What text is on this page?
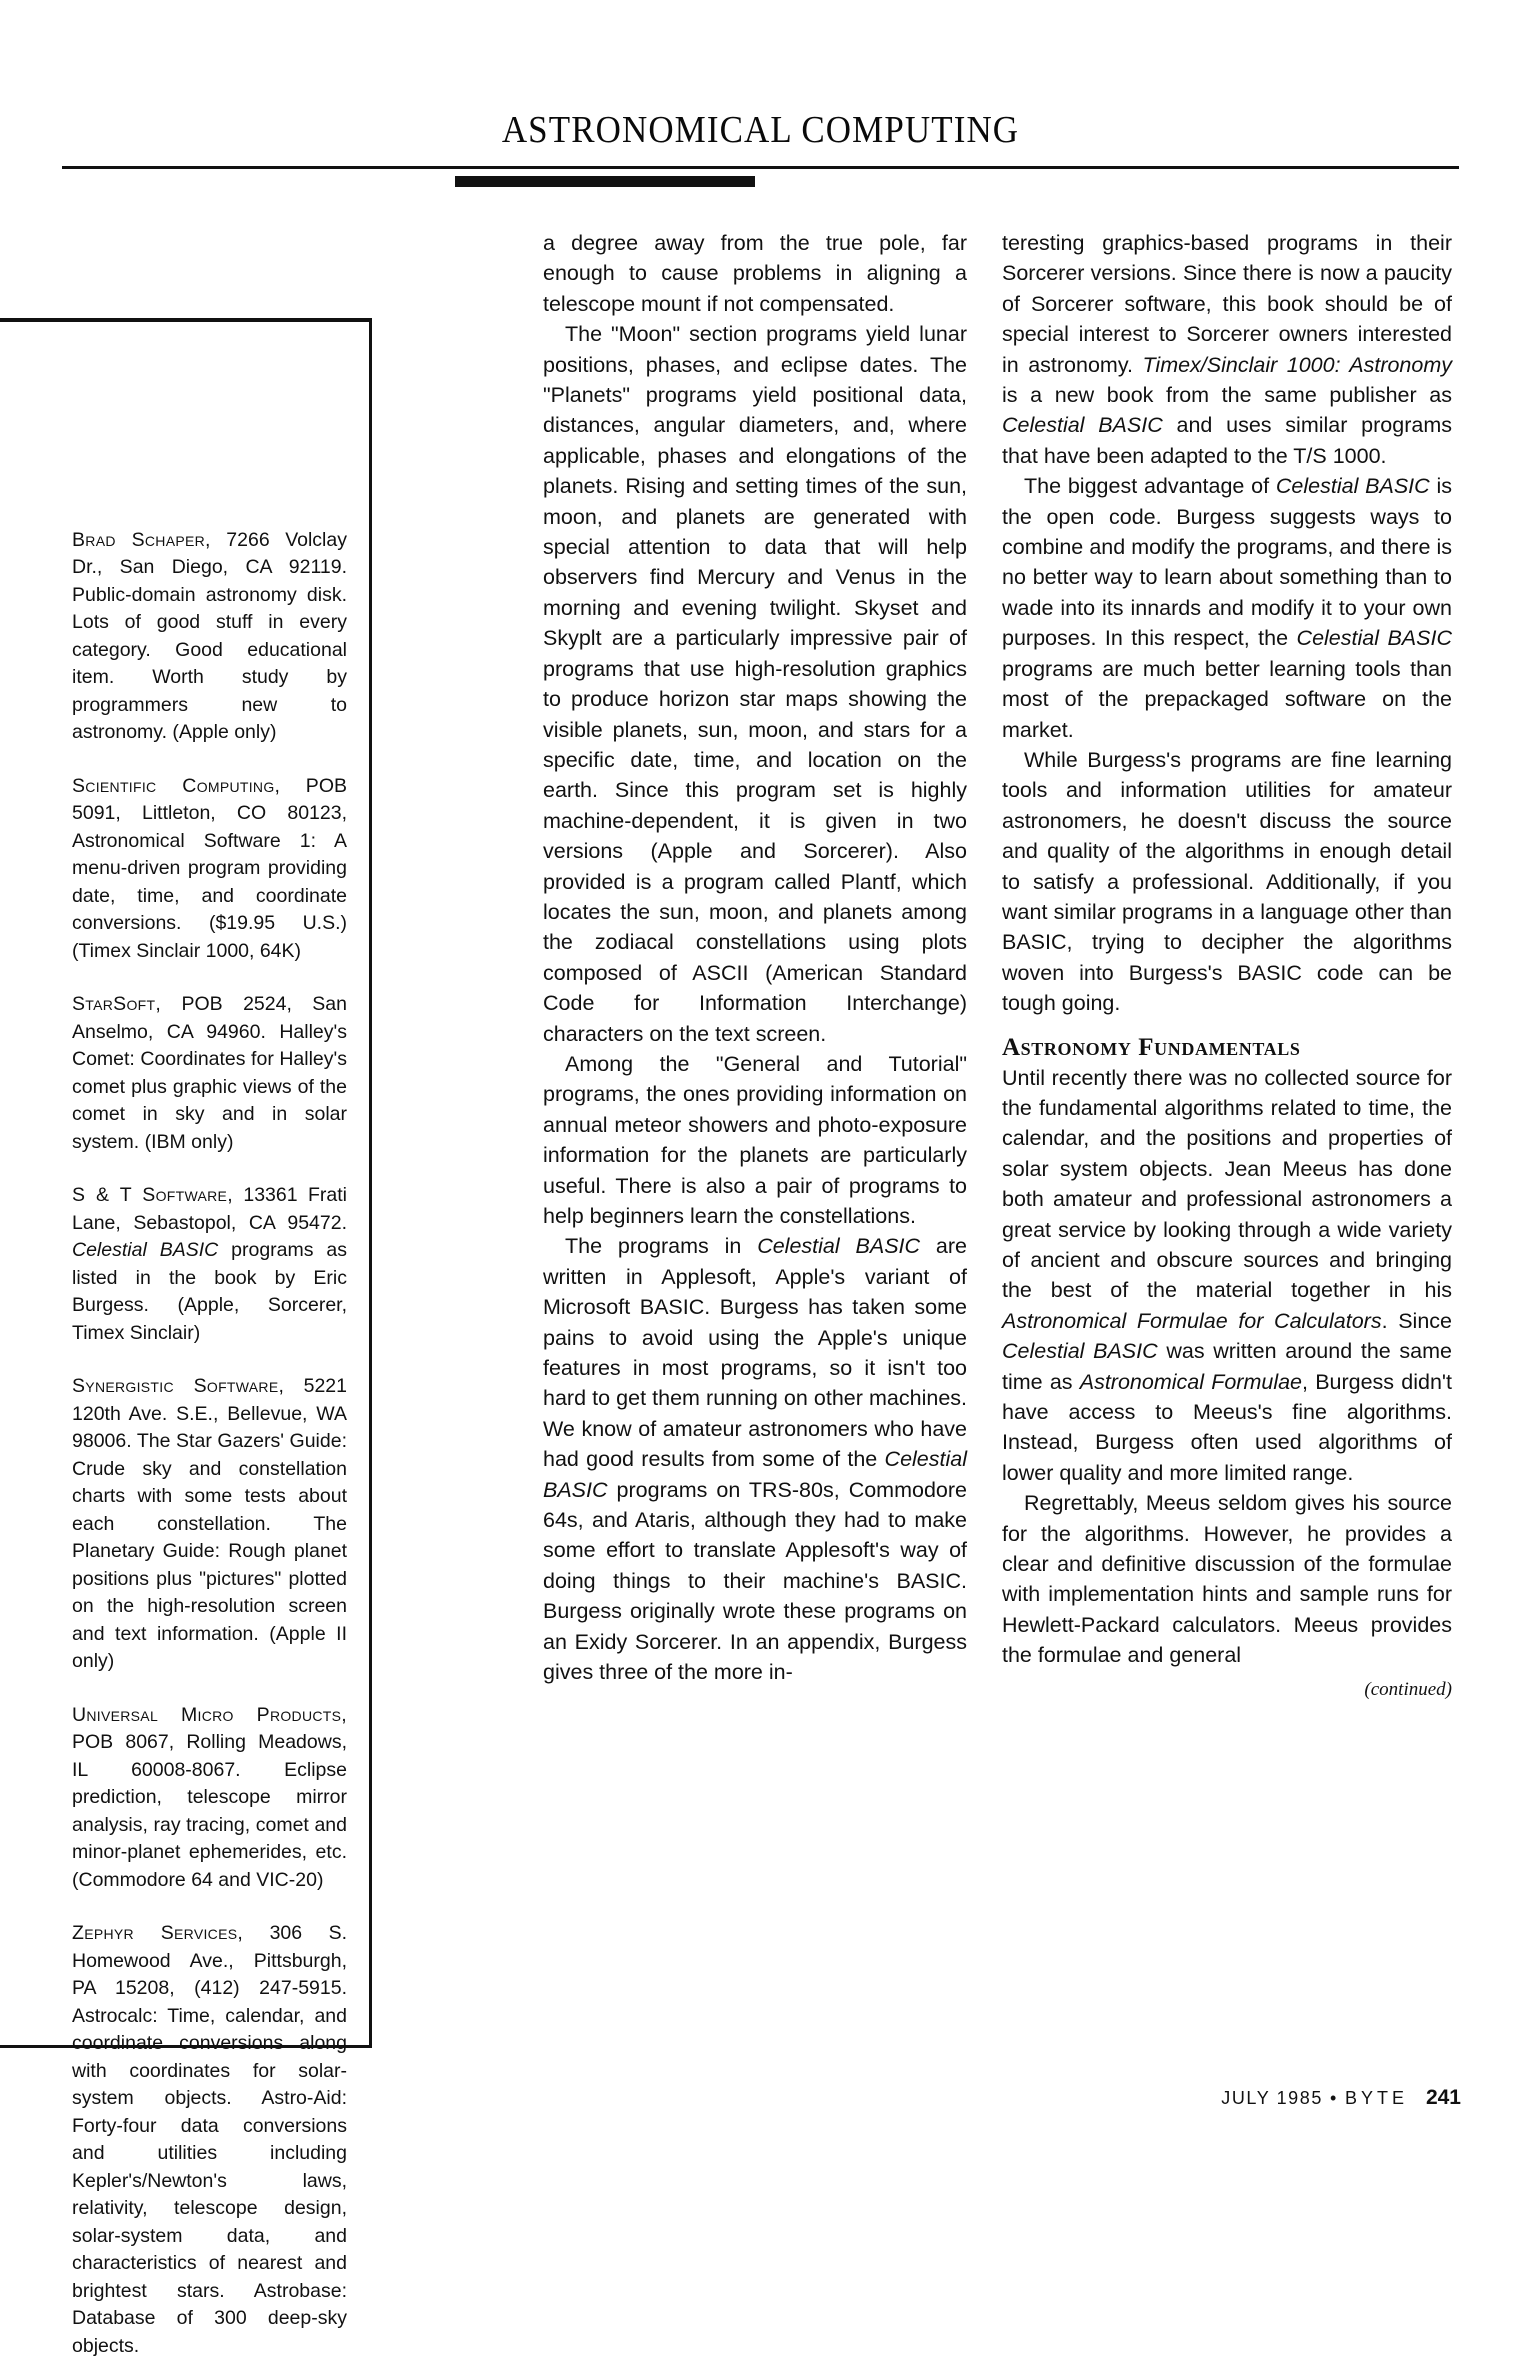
ASTRONOMICAL COMPUTING

Brad Schaper, 7266 Volclay Dr., San Diego, CA 92119. Public-domain astronomy disk. Lots of good stuff in every category. Good educational item. Worth study by programmers new to astronomy. (Apple only)

Scientific Computing, POB 5091, Littleton, CO 80123, Astronomical Software 1: A menu-driven program providing date, time, and coordinate conversions. ($19.95 U.S.) (Timex Sinclair 1000, 64K)

StarSoft, POB 2524, San Anselmo, CA 94960. Halley's Comet: Coordinates for Halley's comet plus graphic views of the comet in sky and in solar system. (IBM only)

S & T Software, 13361 Frati Lane, Sebastopol, CA 95472. Celestial BASIC programs as listed in the book by Eric Burgess. (Apple, Sorcerer, Timex Sinclair)

Synergistic Software, 5221 120th Ave. S.E., Bellevue, WA 98006. The Star Gazers' Guide: Crude sky and constellation charts with some tests about each constellation. The Planetary Guide: Rough planet positions plus "pictures" plotted on the high-resolution screen and text information. (Apple II only)

Universal Micro Products, POB 8067, Rolling Meadows, IL 60008-8067. Eclipse prediction, telescope mirror analysis, ray tracing, comet and minor-planet ephemerides, etc. (Commodore 64 and VIC-20)

Zephyr Services, 306 S. Homewood Ave., Pittsburgh, PA 15208, (412) 247-5915. Astrocalc: Time, calendar, and coordinate conversions along with coordinates for solar-system objects. Astro-Aid: Forty-four data conversions and utilities including Kepler's/Newton's laws, relativity, telescope design, solar-system data, and characteristics of nearest and brightest stars. Astrobase: Database of 300 deep-sky objects.

a degree away from the true pole, far enough to cause problems in aligning a telescope mount if not compensated.

The "Moon" section programs yield lunar positions, phases, and eclipse dates. The "Planets" programs yield positional data, distances, angular diameters, and, where applicable, phases and elongations of the planets. Rising and setting times of the sun, moon, and planets are generated with special attention to data that will help observers find Mercury and Venus in the morning and evening twilight. Skyset and Skyplt are a particularly impressive pair of programs that use high-resolution graphics to produce horizon star maps showing the visible planets, sun, moon, and stars for a specific date, time, and location on the earth. Since this program set is highly machine-dependent, it is given in two versions (Apple and Sorcerer). Also provided is a program called Plantf, which locates the sun, moon, and planets among the zodiacal constellations using plots composed of ASCII (American Standard Code for Information Interchange) characters on the text screen.

Among the "General and Tutorial" programs, the ones providing information on annual meteor showers and photo-exposure information for the planets are particularly useful. There is also a pair of programs to help beginners learn the constellations.

The programs in Celestial BASIC are written in Applesoft, Apple's variant of Microsoft BASIC. Burgess has taken some pains to avoid using the Apple's unique features in most programs, so it isn't too hard to get them running on other machines. We know of amateur astronomers who have had good results from some of the Celestial BASIC programs on TRS-80s, Commodore 64s, and Ataris, although they had to make some effort to translate Applesoft's way of doing things to their machine's BASIC. Burgess originally wrote these programs on an Exidy Sorcerer. In an appendix, Burgess gives three of the more in-

teresting graphics-based programs in their Sorcerer versions. Since there is now a paucity of Sorcerer software, this book should be of special interest to Sorcerer owners interested in astronomy. Timex/Sinclair 1000: Astronomy is a new book from the same publisher as Celestial BASIC and uses similar programs that have been adapted to the T/S 1000.

The biggest advantage of Celestial BASIC is the open code. Burgess suggests ways to combine and modify the programs, and there is no better way to learn about something than to wade into its innards and modify it to your own purposes. In this respect, the Celestial BASIC programs are much better learning tools than most of the prepackaged software on the market.

While Burgess's programs are fine learning tools and information utilities for amateur astronomers, he doesn't discuss the source and quality of the algorithms in enough detail to satisfy a professional. Additionally, if you want similar programs in a language other than BASIC, trying to decipher the algorithms woven into Burgess's BASIC code can be tough going.

Astronomy Fundamentals

Until recently there was no collected source for the fundamental algorithms related to time, the calendar, and the positions and properties of solar system objects. Jean Meeus has done both amateur and professional astronomers a great service by looking through a wide variety of ancient and obscure sources and bringing the best of the material together in his Astronomical Formulae for Calculators. Since Celestial BASIC was written around the same time as Astronomical Formulae, Burgess didn't have access to Meeus's fine algorithms. Instead, Burgess often used algorithms of lower quality and more limited range.

Regrettably, Meeus seldom gives his source for the algorithms. However, he provides a clear and definitive discussion of the formulae with implementation hints and sample runs for Hewlett-Packard calculators. Meeus provides the formulae and general

(continued)
JULY 1985 • BYTE 241
